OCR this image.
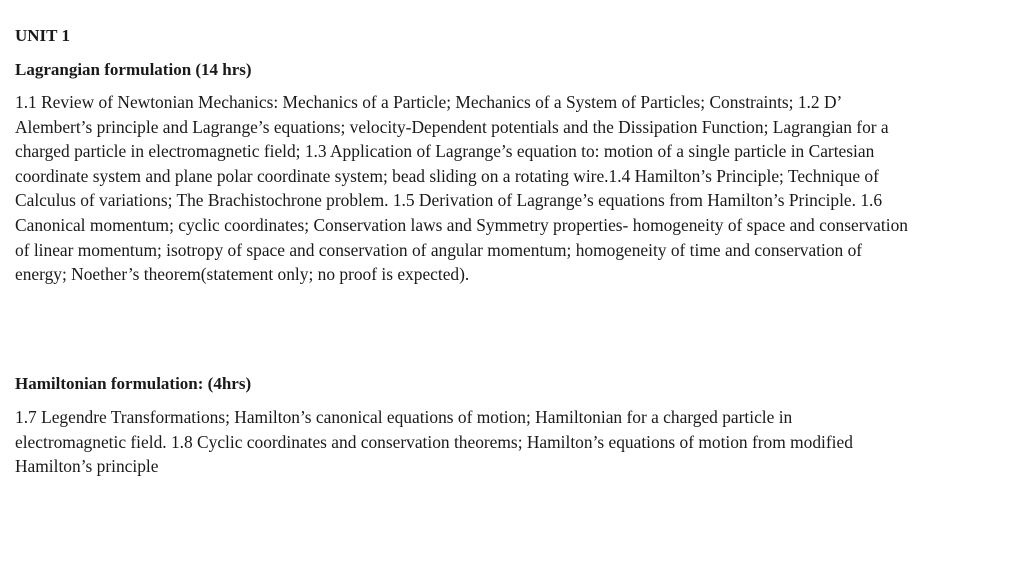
UNIT 1
Lagrangian formulation (14 hrs)

1.1 Review of Newtonian Mechanics: Mechanics of a Particle; Mechanics of a System of Particles; Constraints; 1.2 D’
Alembert’s principle and Lagrange’s equations; velocity-Dependent potentials and the Dissipation Function; Lagrangian for a
charged particle in electromagnetic field; 1.3 Application of Lagrange’s equation to: motion of a single particle in Cartesian
coordinate system and plane polar coordinate system; bead sliding on a rotating wire.1.4 Hamilton’s Principle; Technique of
Calculus of variations; The Brachistochrone problem. 1.5 Derivation of Lagrange’s equations from Hamilton’s Principle. 1.6
Canonical momentum; cyclic coordinates; Conservation laws and Symmetry properties- homogeneity of space and conservation
of linear momentum; isotropy of space and conservation of angular momentum; homogeneity of time and conservation of
energy; Noether’s theorem(statement only; no proof is expected).

Hamiltonian formulation: (4hrs)

1.7 Legendre Transformations; Hamilton’s canonical equations of motion; Hamiltonian for a charged particle in
electromagnetic field. 1.8 Cyclic coordinates and conservation theorems; Hamilton’s equations of motion from modified
Hamilton’s principle
